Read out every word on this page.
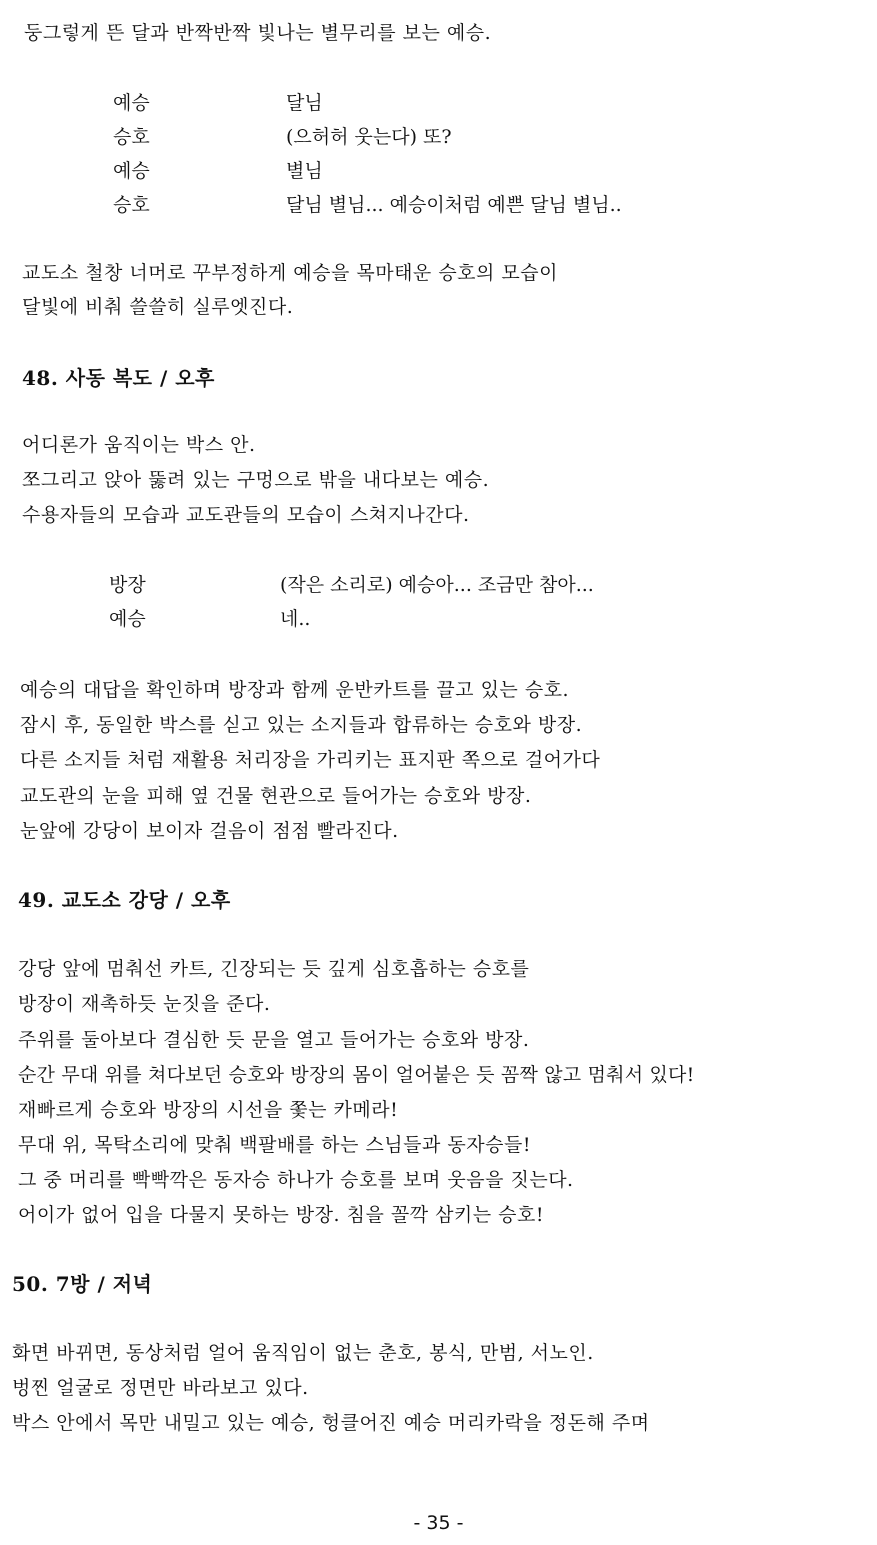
둥그렇게 뜬 달과 반짝반짝 빛나는 별무리를 보는 예승.
예승	달님
승호	(으허허 웃는다) 또?
예승	별님
승호	달님 별님... 예승이처럼 예쁜 달님 별님..
교도소 철창 너머로 꾸부정하게 예승을 목마태운 승호의 모습이
달빛에 비춰 쓸쓸히 실루엣진다.
48. 사동 복도 / 오후
어디론가 움직이는 박스 안.
쪼그리고 앉아 뚫려 있는 구멍으로 밖을 내다보는 예승.
수용자들의 모습과 교도관들의 모습이 스쳐지나간다.
방장	(작은 소리로) 예승아... 조금만 참아...
예승	네..
예승의 대답을 확인하며 방장과 함께 운반카트를 끌고 있는 승호.
잠시 후, 동일한 박스를 싣고 있는 소지들과 합류하는 승호와 방장.
다른 소지들 처럼 재활용 처리장을 가리키는 표지판 쪽으로 걸어가다
교도관의 눈을 피해 옆 건물 현관으로 들어가는 승호와 방장.
눈앞에 강당이 보이자 걸음이 점점 빨라진다.
49. 교도소 강당 / 오후
강당 앞에 멈춰선 카트, 긴장되는 듯 깊게 심호흡하는 승호를
방장이 재촉하듯 눈짓을 준다.
주위를 둘아보다 결심한 듯 문을 열고 들어가는 승호와 방장.
순간 무대 위를 쳐다보던 승호와 방장의 몸이 얼어붙은 듯 꼼짝 않고 멈춰서 있다!
재빠르게 승호와 방장의 시선을 쫓는 카메라!
무대 위, 목탁소리에 맞춰 백팔배를 하는 스님들과 동자승들!
그 중 머리를 빡빡깍은 동자승 하나가 승호를 보며 웃음을 짓는다.
어이가 없어 입을 다물지 못하는 방장. 침을 꼴깍 삼키는 승호!
50. 7방 / 저녁
화면 바뀌면, 동상처럼 얼어 움직임이 없는 춘호, 봉식, 만범, 서노인.
벙찐 얼굴로 정면만 바라보고 있다.
박스 안에서 목만 내밀고 있는 예승, 헝클어진 예승 머리카락을 정돈해 주며
- 35 -
